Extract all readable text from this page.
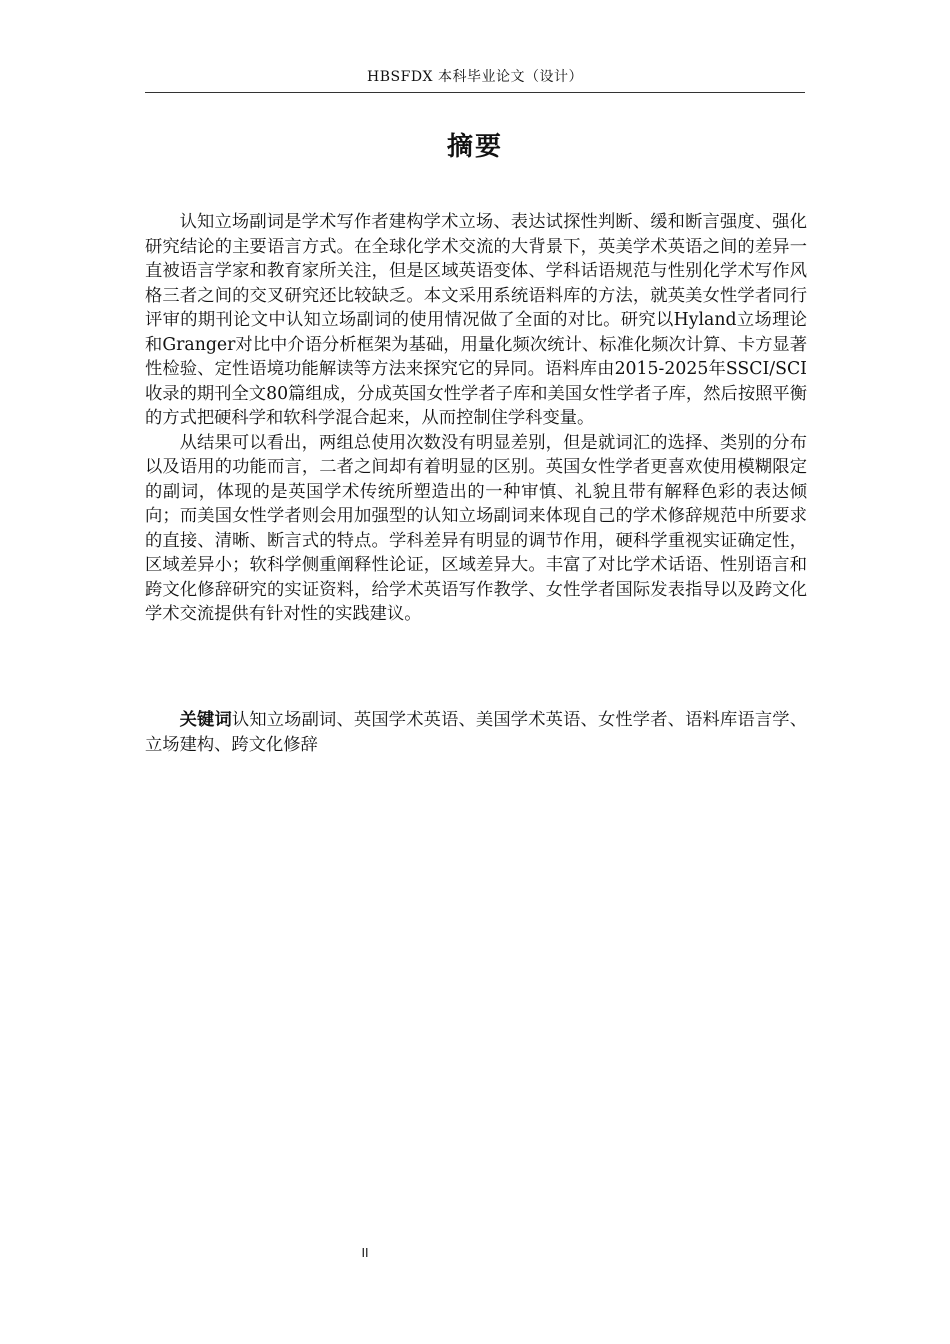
HBSFDX 本科毕业论文（设计）
摘要

认知立场副词是学术写作者建构学术立场、表达试探性判断、缓和断言强度、强化研究结论的主要语言方式。在全球化学术交流的大背景下，英美学术英语之间的差异一直被语言学家和教育家所关注，但是区域英语变体、学科话语规范与性别化学术写作风格三者之间的交叉研究还比较缺乏。本文采用系统语料库的方法，就英美女性学者同行评审的期刊论文中认知立场副词的使用情况做了全面的对比。研究以Hyland立场理论和Granger对比中介语分析框架为基础，用量化频次统计、标准化频次计算、卡方显著性检验、定性语境功能解读等方法来探究它的异同。语料库由2015-2025年SSCI/SCI收录的期刊全文80篇组成，分成英国女性学者子库和美国女性学者子库，然后按照平衡的方式把硬科学和软科学混合起来，从而控制住学科变量。

从结果可以看出，两组总使用次数没有明显差别，但是就词汇的选择、类别的分布以及语用的功能而言，二者之间却有着明显的区别。英国女性学者更喜欢使用模糊限定的副词，体现的是英国学术传统所塑造出的一种审慎、礼貌且带有解释色彩的表达倾向；而美国女性学者则会用加强型的认知立场副词来体现自己的学术修辞规范中所要求的直接、清晰、断言式的特点。学科差异有明显的调节作用，硬科学重视实证确定性，区域差异小；软科学侧重阐释性论证，区域差异大。丰富了对比学术话语、性别语言和跨文化修辞研究的实证资料，给学术英语写作教学、女性学者国际发表指导以及跨文化学术交流提供有针对性的实践建议。

关键词认知立场副词、英国学术英语、美国学术英语、女性学者、语料库语言学、立场建构、跨文化修辞
II
